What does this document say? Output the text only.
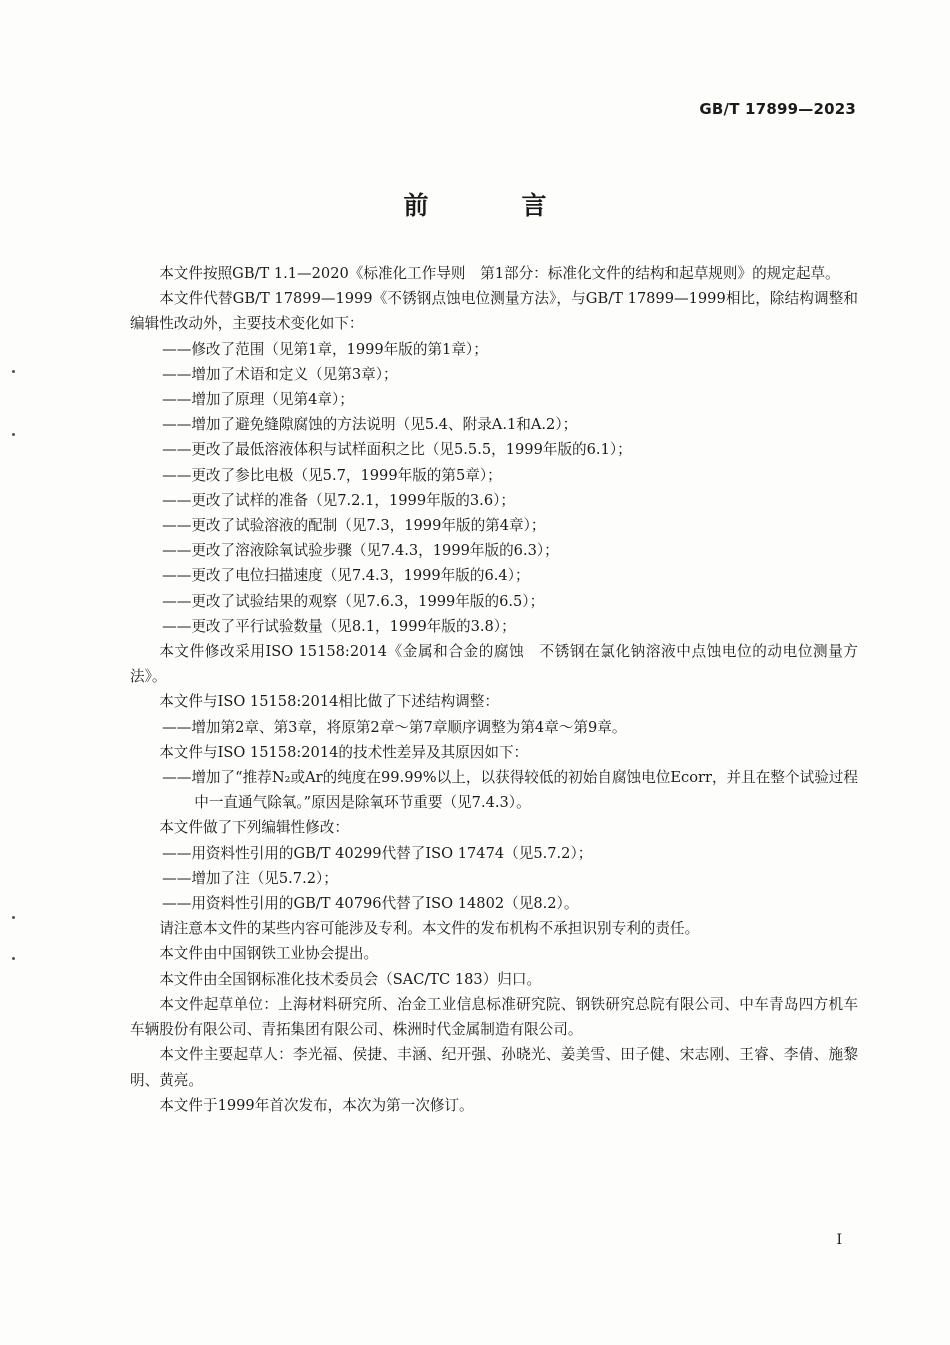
GB/T 17899—2023
前　言

本文件按照GB/T 1.1—2020《标准化工作导则　第1部分：标准化文件的结构和起草规则》的规定起草。

本文件代替GB/T 17899—1999《不锈钢点蚀电位测量方法》，与GB/T 17899—1999相比，除结构调整和编辑性改动外，主要技术变化如下：

——修改了范围（见第1章，1999年版的第1章）；

——增加了术语和定义（见第3章）；

——增加了原理（见第4章）；

——增加了避免缝隙腐蚀的方法说明（见5.4、附录A.1和A.2）；

——更改了最低溶液体积与试样面积之比（见5.5.5，1999年版的6.1）；

——更改了参比电极（见5.7，1999年版的第5章）；

——更改了试样的准备（见7.2.1，1999年版的3.6）；

——更改了试验溶液的配制（见7.3，1999年版的第4章）；

——更改了溶液除氧试验步骤（见7.4.3，1999年版的6.3）；

——更改了电位扫描速度（见7.4.3，1999年版的6.4）；

——更改了试验结果的观察（见7.6.3，1999年版的6.5）；

——更改了平行试验数量（见8.1，1999年版的3.8）；

本文件修改采用ISO 15158:2014《金属和合金的腐蚀　不锈钢在氯化钠溶液中点蚀电位的动电位测量方法》。

本文件与ISO 15158:2014相比做了下述结构调整：

——增加第2章、第3章，将原第2章～第7章顺序调整为第4章～第9章。

本文件与ISO 15158:2014的技术性差异及其原因如下：

——增加了“推荐N₂或Ar的纯度在99.99%以上，以获得较低的初始自腐蚀电位Ecorr，并且在整个试验过程中一直通气除氧。”原因是除氧环节重要（见7.4.3）。

本文件做了下列编辑性修改：

——用资料性引用的GB/T 40299代替了ISO 17474（见5.7.2）；

——增加了注（见5.7.2）；

——用资料性引用的GB/T 40796代替了ISO 14802（见8.2）。

请注意本文件的某些内容可能涉及专利。本文件的发布机构不承担识别专利的责任。

本文件由中国钢铁工业协会提出。

本文件由全国钢标准化技术委员会（SAC/TC 183）归口。

本文件起草单位：上海材料研究所、冶金工业信息标准研究院、钢铁研究总院有限公司、中车青岛四方机车车辆股份有限公司、青拓集团有限公司、株洲时代金属制造有限公司。

本文件主要起草人：李光福、侯捷、丰涵、纪开强、孙晓光、姜美雪、田子健、宋志刚、王睿、李倩、施黎明、黄亮。

本文件于1999年首次发布，本次为第一次修订。

I
